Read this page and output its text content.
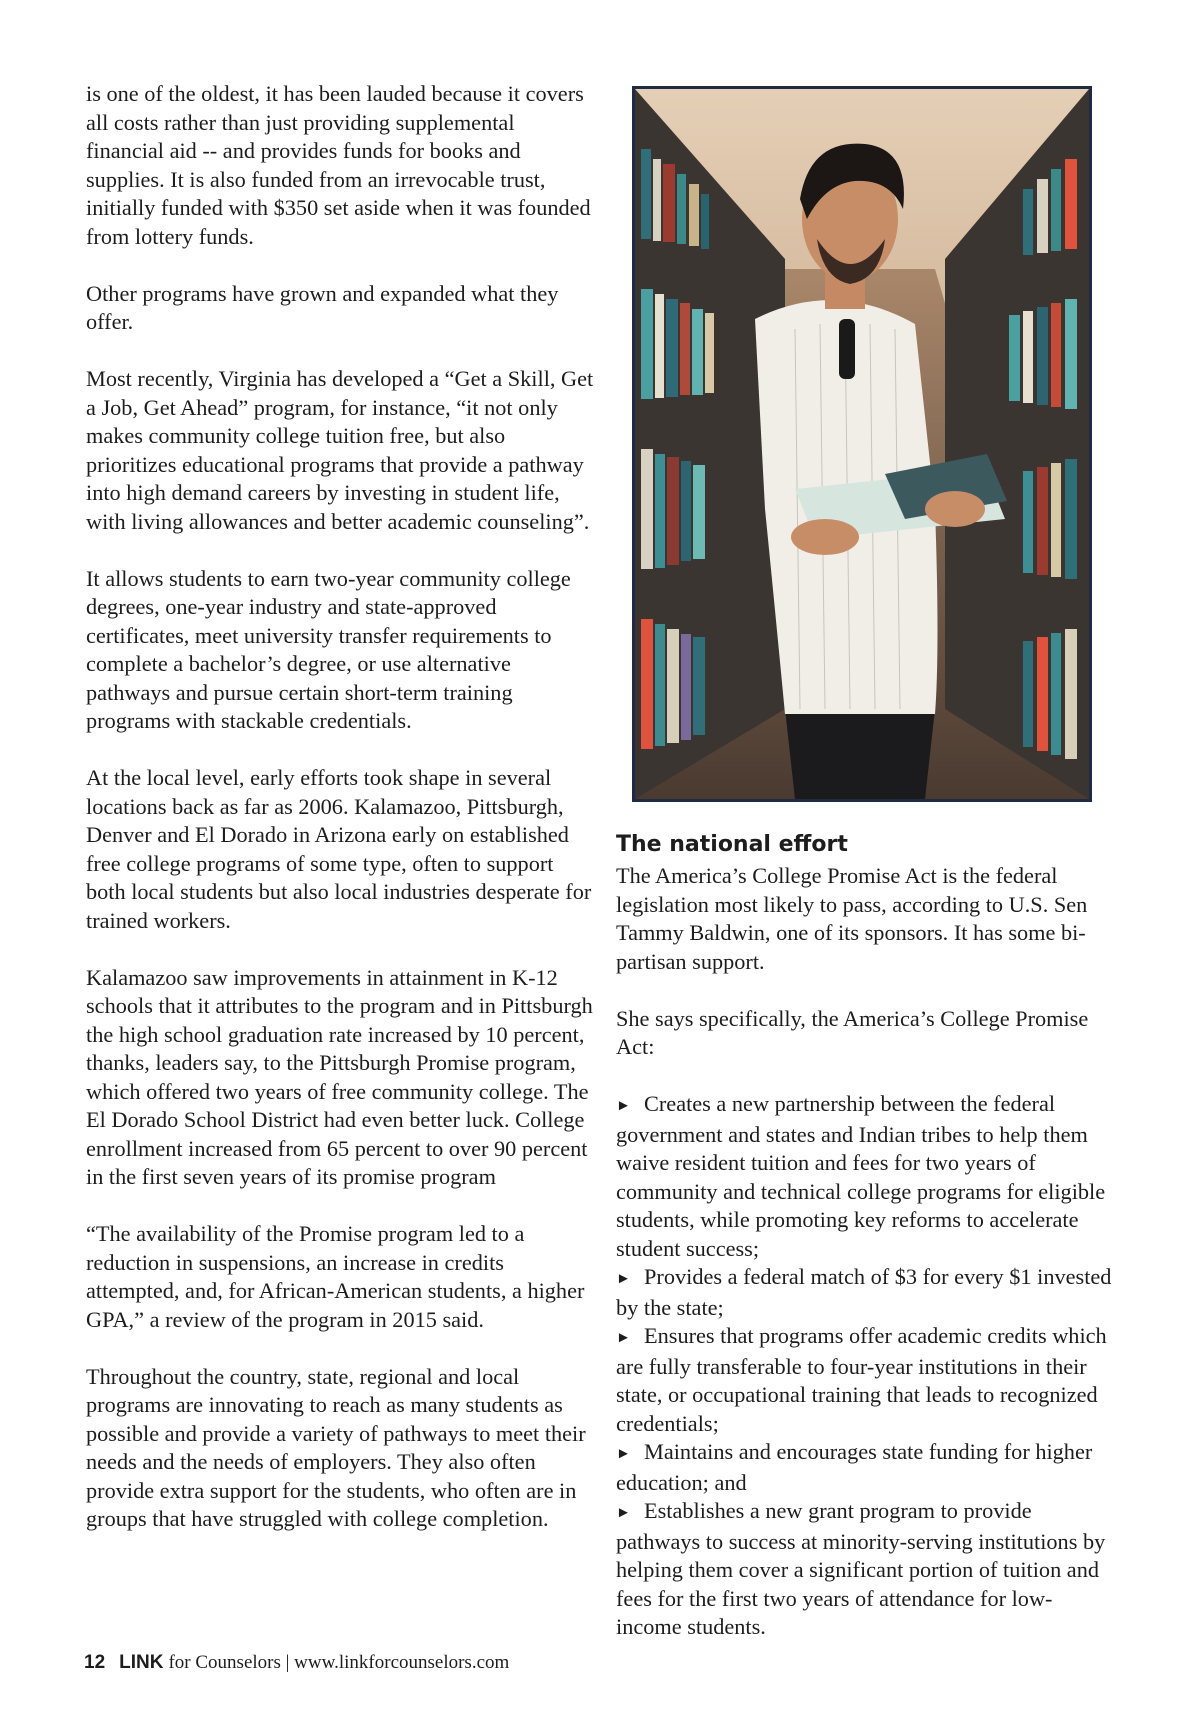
is one of the oldest, it has been lauded because it covers all costs rather than just providing supplemental financial aid -- and provides funds for books and supplies. It is also funded from an irrevocable trust, initially funded with $350 set aside when it was founded from lottery funds.

Other programs have grown and expanded what they offer.

Most recently, Virginia has developed a “Get a Skill, Get a Job, Get Ahead” program, for instance, “it not only makes community college tuition free, but also prioritizes educational programs that provide a pathway into high demand careers by investing in student life, with living allowances and better academic counseling”.

It allows students to earn two-year community college degrees, one-year industry and state-approved certificates, meet university transfer requirements to complete a bachelor’s degree, or use alternative pathways and pursue certain short-term training programs with stackable credentials.

At the local level, early efforts took shape in several locations back as far as 2006. Kalamazoo, Pittsburgh, Denver and El Dorado in Arizona early on established free college programs of some type, often to support both local students but also local industries desperate for trained workers.

Kalamazoo saw improvements in attainment in K-12 schools that it attributes to the program and in Pittsburgh the high school graduation rate increased by 10 percent, thanks, leaders say, to the Pittsburgh Promise program, which offered two years of free community college. The El Dorado School District had even better luck. College enrollment increased from 65 percent to over 90 percent in the first seven years of its promise program

“The availability of the Promise program led to a reduction in suspensions, an increase in credits attempted, and, for African-American students, a higher GPA,” a review of the program in 2015 said.

Throughout the country, state, regional and local programs are innovating to reach as many students as possible and provide a variety of pathways to meet their needs and the needs of employers. They also often provide extra support for the students, who often are in groups that have struggled with college completion.

The national effort

The America’s College Promise Act is the federal legislation most likely to pass, according to U.S. Sen Tammy Baldwin, one of its sponsors. It has some bi-partisan support.

She says specifically, the America’s College Promise Act:

► Creates a new partnership between the federal government and states and Indian tribes to help them waive resident tuition and fees for two years of community and technical college programs for eligible students, while promoting key reforms to accelerate student success;
► Provides a federal match of $3 for every $1 invested by the state;
► Ensures that programs offer academic credits which are fully transferable to four-year institutions in their state, or occupational training that leads to recognized credentials;
► Maintains and encourages state funding for higher education; and
► Establishes a new grant program to provide pathways to success at minority-serving institutions by helping them cover a significant portion of tuition and fees for the first two years of attendance for low-income students.
12 LINK for Counselors | www.linkforcounselors.com
